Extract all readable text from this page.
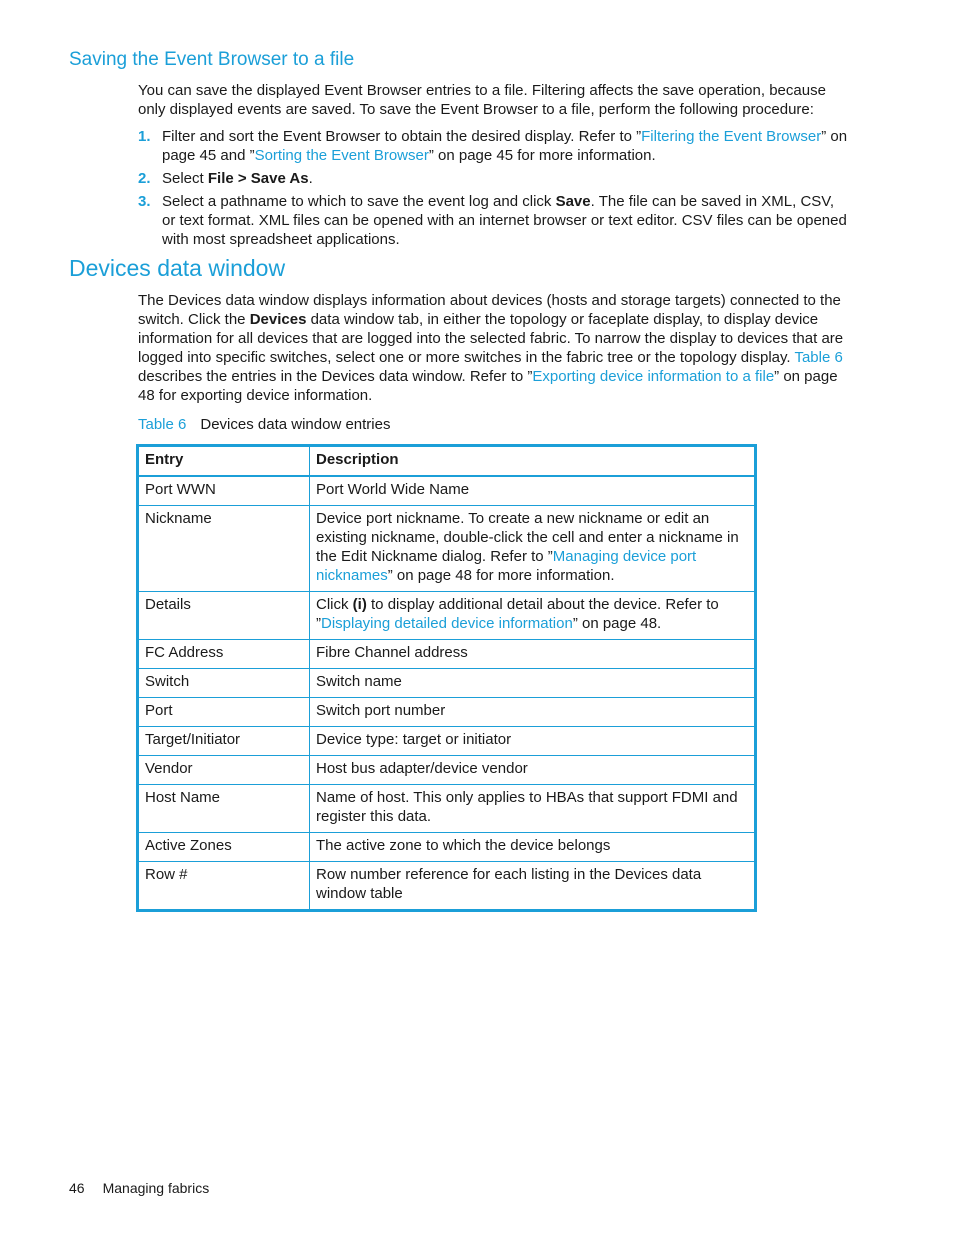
Saving the Event Browser to a file

You can save the displayed Event Browser entries to a file. Filtering affects the save operation, because only displayed events are saved. To save the Event Browser to a file, perform the following procedure:

1. Filter and sort the Event Browser to obtain the desired display. Refer to ”Filtering the Event Browser” on page 45 and ”Sorting the Event Browser” on page 45 for more information.
2. Select File > Save As.
3. Select a pathname to which to save the event log and click Save. The file can be saved in XML, CSV, or text format. XML files can be opened with an internet browser or text editor. CSV files can be opened with most spreadsheet applications.
Devices data window

The Devices data window displays information about devices (hosts and storage targets) connected to the switch. Click the Devices data window tab, in either the topology or faceplate display, to display device information for all devices that are logged into the selected fabric. To narrow the display to devices that are logged into specific switches, select one or more switches in the fabric tree or the topology display. Table 6 describes the entries in the Devices data window. Refer to ”Exporting device information to a file” on page 48 for exporting device information.

Table 6 Devices data window entries
Entry	Description
Port WWN	Port World Wide Name
Nickname	Device port nickname. To create a new nickname or edit an existing nickname, double-click the cell and enter a nickname in the Edit Nickname dialog. Refer to ”Managing device port nicknames” on page 48 for more information.
Details	Click (i) to display additional detail about the device. Refer to ”Displaying detailed device information” on page 48.
FC Address	Fibre Channel address
Switch	Switch name
Port	Switch port number
Target/Initiator	Device type: target or initiator
Vendor	Host bus adapter/device vendor
Host Name	Name of host. This only applies to HBAs that support FDMI and register this data.
Active Zones	The active zone to which the device belongs
Row #	Row number reference for each listing in the Devices data window table
46 Managing fabrics
